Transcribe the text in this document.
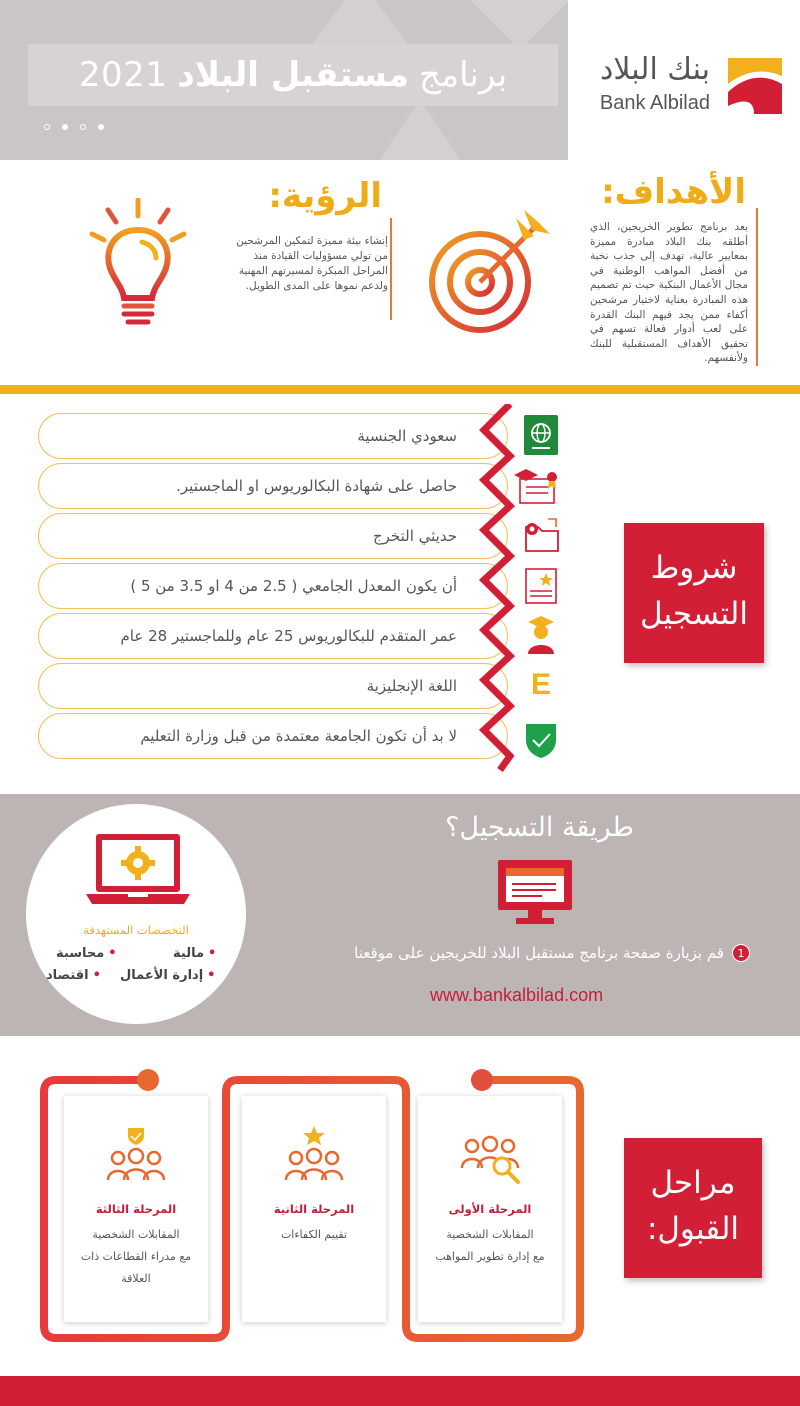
برنامج
مستقبل البلاد
2021	بنك البلاد
Bank Albilad
الأهداف:
يعد برنامج تطوير الخريجين، الذي أطلقه بنك البلاد مبادرة مميزة بمعايير عالية، تهدف إلى جذب نخبة من أفضل المواهب الوطنية في مجال الأعمال البنكية حيث تم تصميم هذه المبادرة بعناية لاختيار مرشحين أكفاء ممن يجد فيهم البنك القدرة على لعب أدوار فعالة تسهم في تحقيق الأهداف المستقبلية للبنك ولأنفسهم.
الرؤية:
إنشاء بيئة مميزة لتمكين المرشحين من تولي مسؤوليات القيادة منذ المراحل المبكرة لمسيرتهم المهنية ولدعم نموها على المدى الطويل.
سعودي الجنسية
حاصل على شهادة البكالوريوس او الماجستير.
حديثي التخرج
أن يكون المعدل الجامعي ( 2.5 من 4 او 3.5 من 5 )
عمر المتقدم للبكالوريوس 25 عام وللماجستير 28 عام
اللغة الإنجليزية
لا بد أن تكون الجامعة معتمدة من قبل وزارة التعليم
E
شروط
التسجيل
طريقة التسجيل؟
1
قم بزيارة صفحة برنامج مستقبل البلاد للخريجين على موقعنا
www.bankalbilad.com
التخصصات المستهدفة
•مالية
•محاسبة
•إدارة الأعمال
•اقتصاد
المرحلة الثالثة
المقابلات الشخصية
مع مدراء القطاعات ذات
العلاقة
المرحلة الثانية
تقييم الكفاءات
المرحلة الأولى
المقابلات الشخصية
مع إدارة تطوير المواهب
مراحل
القبول:
